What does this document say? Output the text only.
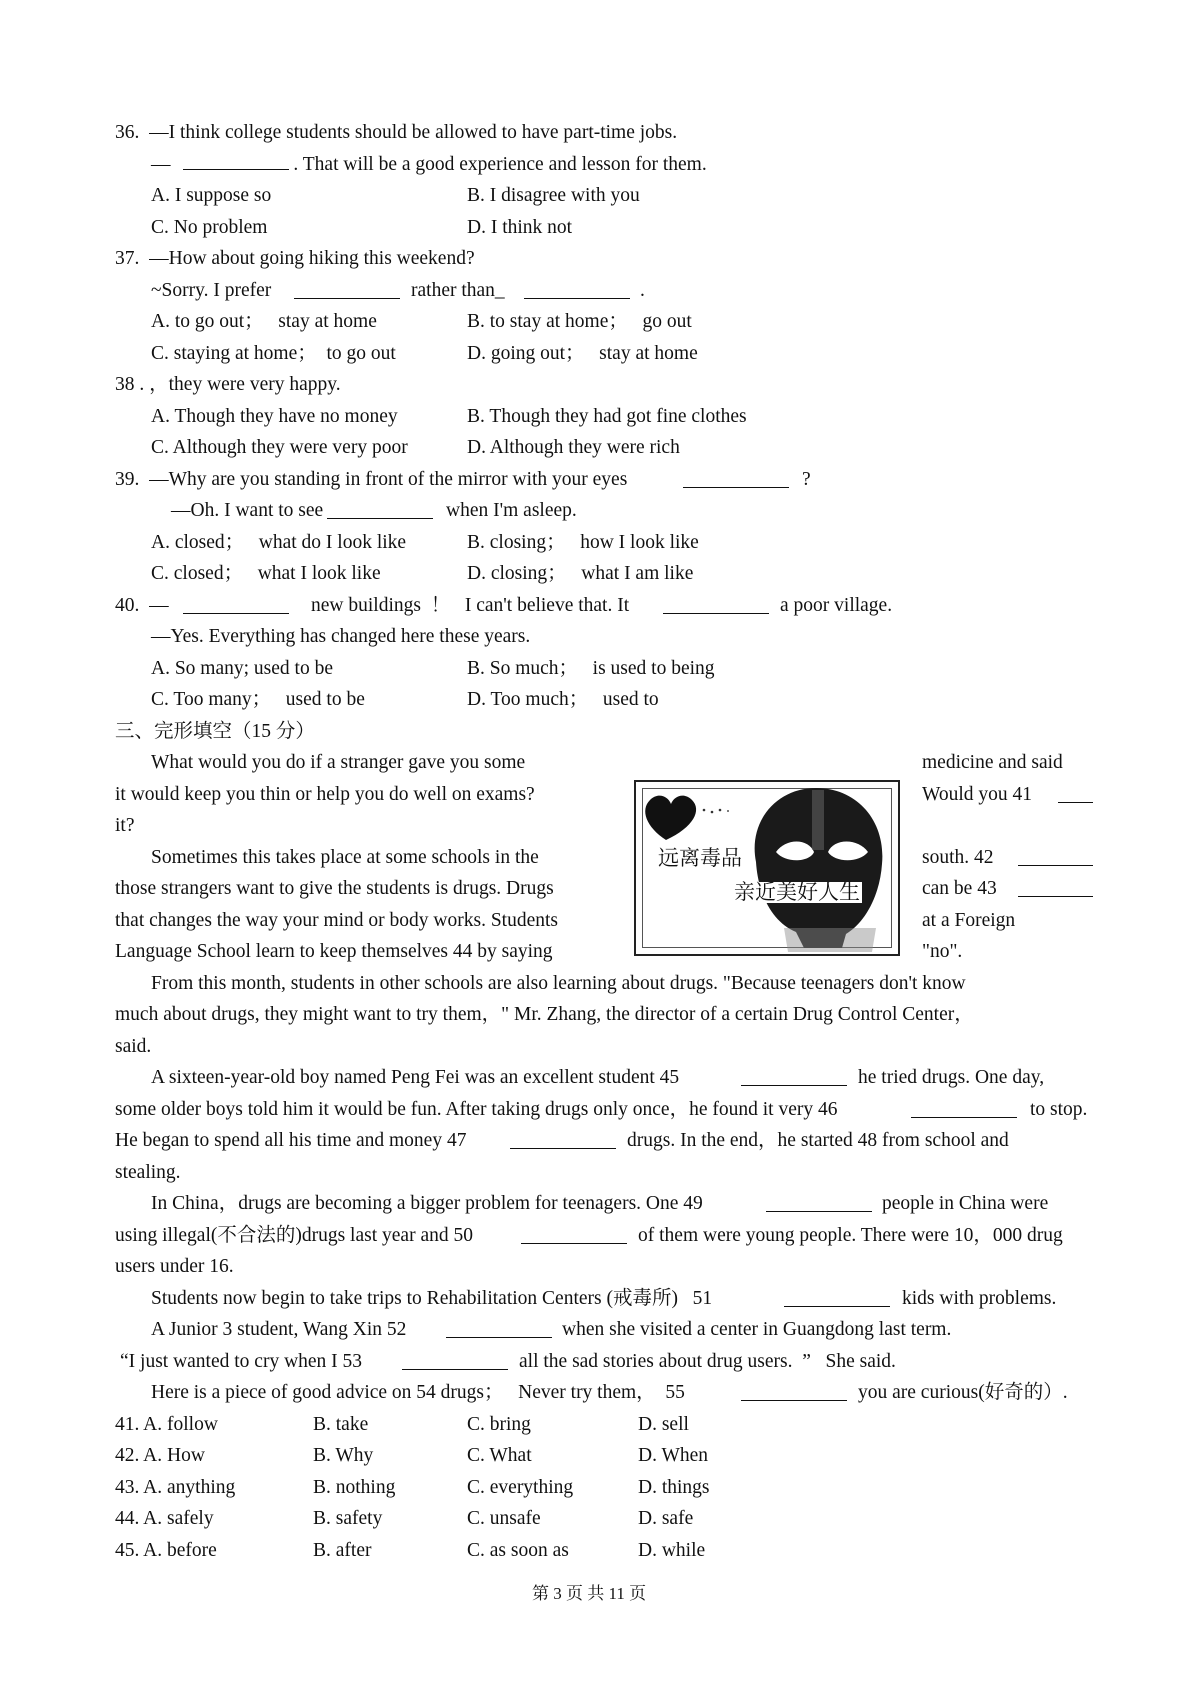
36.  —I think college students should be allowed to have part-time jobs.
—	. That will be a good experience and lesson for them.
A. I suppose so	B. I disagree with you
C. No problem	D. I think not
37.  —How about going hiking this weekend?
~Sorry. I prefer	rather than_	.
A. to go out；   stay at home	B. to stay at home；   go out
C. staying at home；  to go out	D. going out；   stay at home
38 . ，they were very happy.
A. Though they have no money	B. Though they had got fine clothes
C. Although they were very poor	D. Although they were rich
39.  —Why are you standing in front of the mirror with your eyes	?
—Oh. I want to see	when I'm asleep.
A. closed；   what do I look like	B. closing；   how I look like
C. closed；   what I look like	D. closing；   what I am like
40.  —	new buildings  ！   I can't believe that. It	a poor village.
—Yes. Everything has changed here these years.
A. So many; used to be	B. So much；   is used to being
C. Too many；   used to be	D. Too much；   used to
三、完形填空（15 分）
What would you do if a stranger gave you some	medicine and said
it would keep you thin or help you do well on exams?	Would you 41
it?
Sometimes this takes place at some schools in the	south. 42
those strangers want to give the students is drugs. Drugs	can be 43
that changes the way your mind or body works. Students	at a Foreign
Language School learn to keep themselves 44 by saying	"no".
远离毒品
亲近美好人生
From this month, students in other schools are also learning about drugs. "Because teenagers don't know
much about drugs, they might want to try them，" Mr. Zhang, the director of a certain Drug Control Center，
said.
A sixteen-year-old boy named Peng Fei was an excellent student 45	he tried drugs. One day,
some older boys told him it would be fun. After taking drugs only once，he found it very 46	to stop.
He began to spend all his time and money 47	drugs. In the end，he started 48 from school and
stealing.
In China，drugs are becoming a bigger problem for teenagers. One 49	people in China were
using illegal(不合法的)drugs last year and 50	of them were young people. There were 10，000 drug
users under 16.
Students now begin to take trips to Rehabilitation Centers (戒毒所)   51	kids with problems.
A Junior 3 student, Wang Xin 52	when she visited a center in Guangdong last term.
“I just wanted to cry when I 53	all the sad stories about drug users.  ”   She said.
Here is a piece of good advice on 54 drugs；   Never try them，  55	you are curious(好奇的）.
41. A. follow	B. take	C. bring	D. sell
42. A. How	B. Why	C. What	D. When
43. A. anything	B. nothing	C. everything	D. things
44. A. safely	B. safety	C. unsafe	D. safe
45. A. before	B. after	C. as soon as	D. while
第 3 页 共 11 页
